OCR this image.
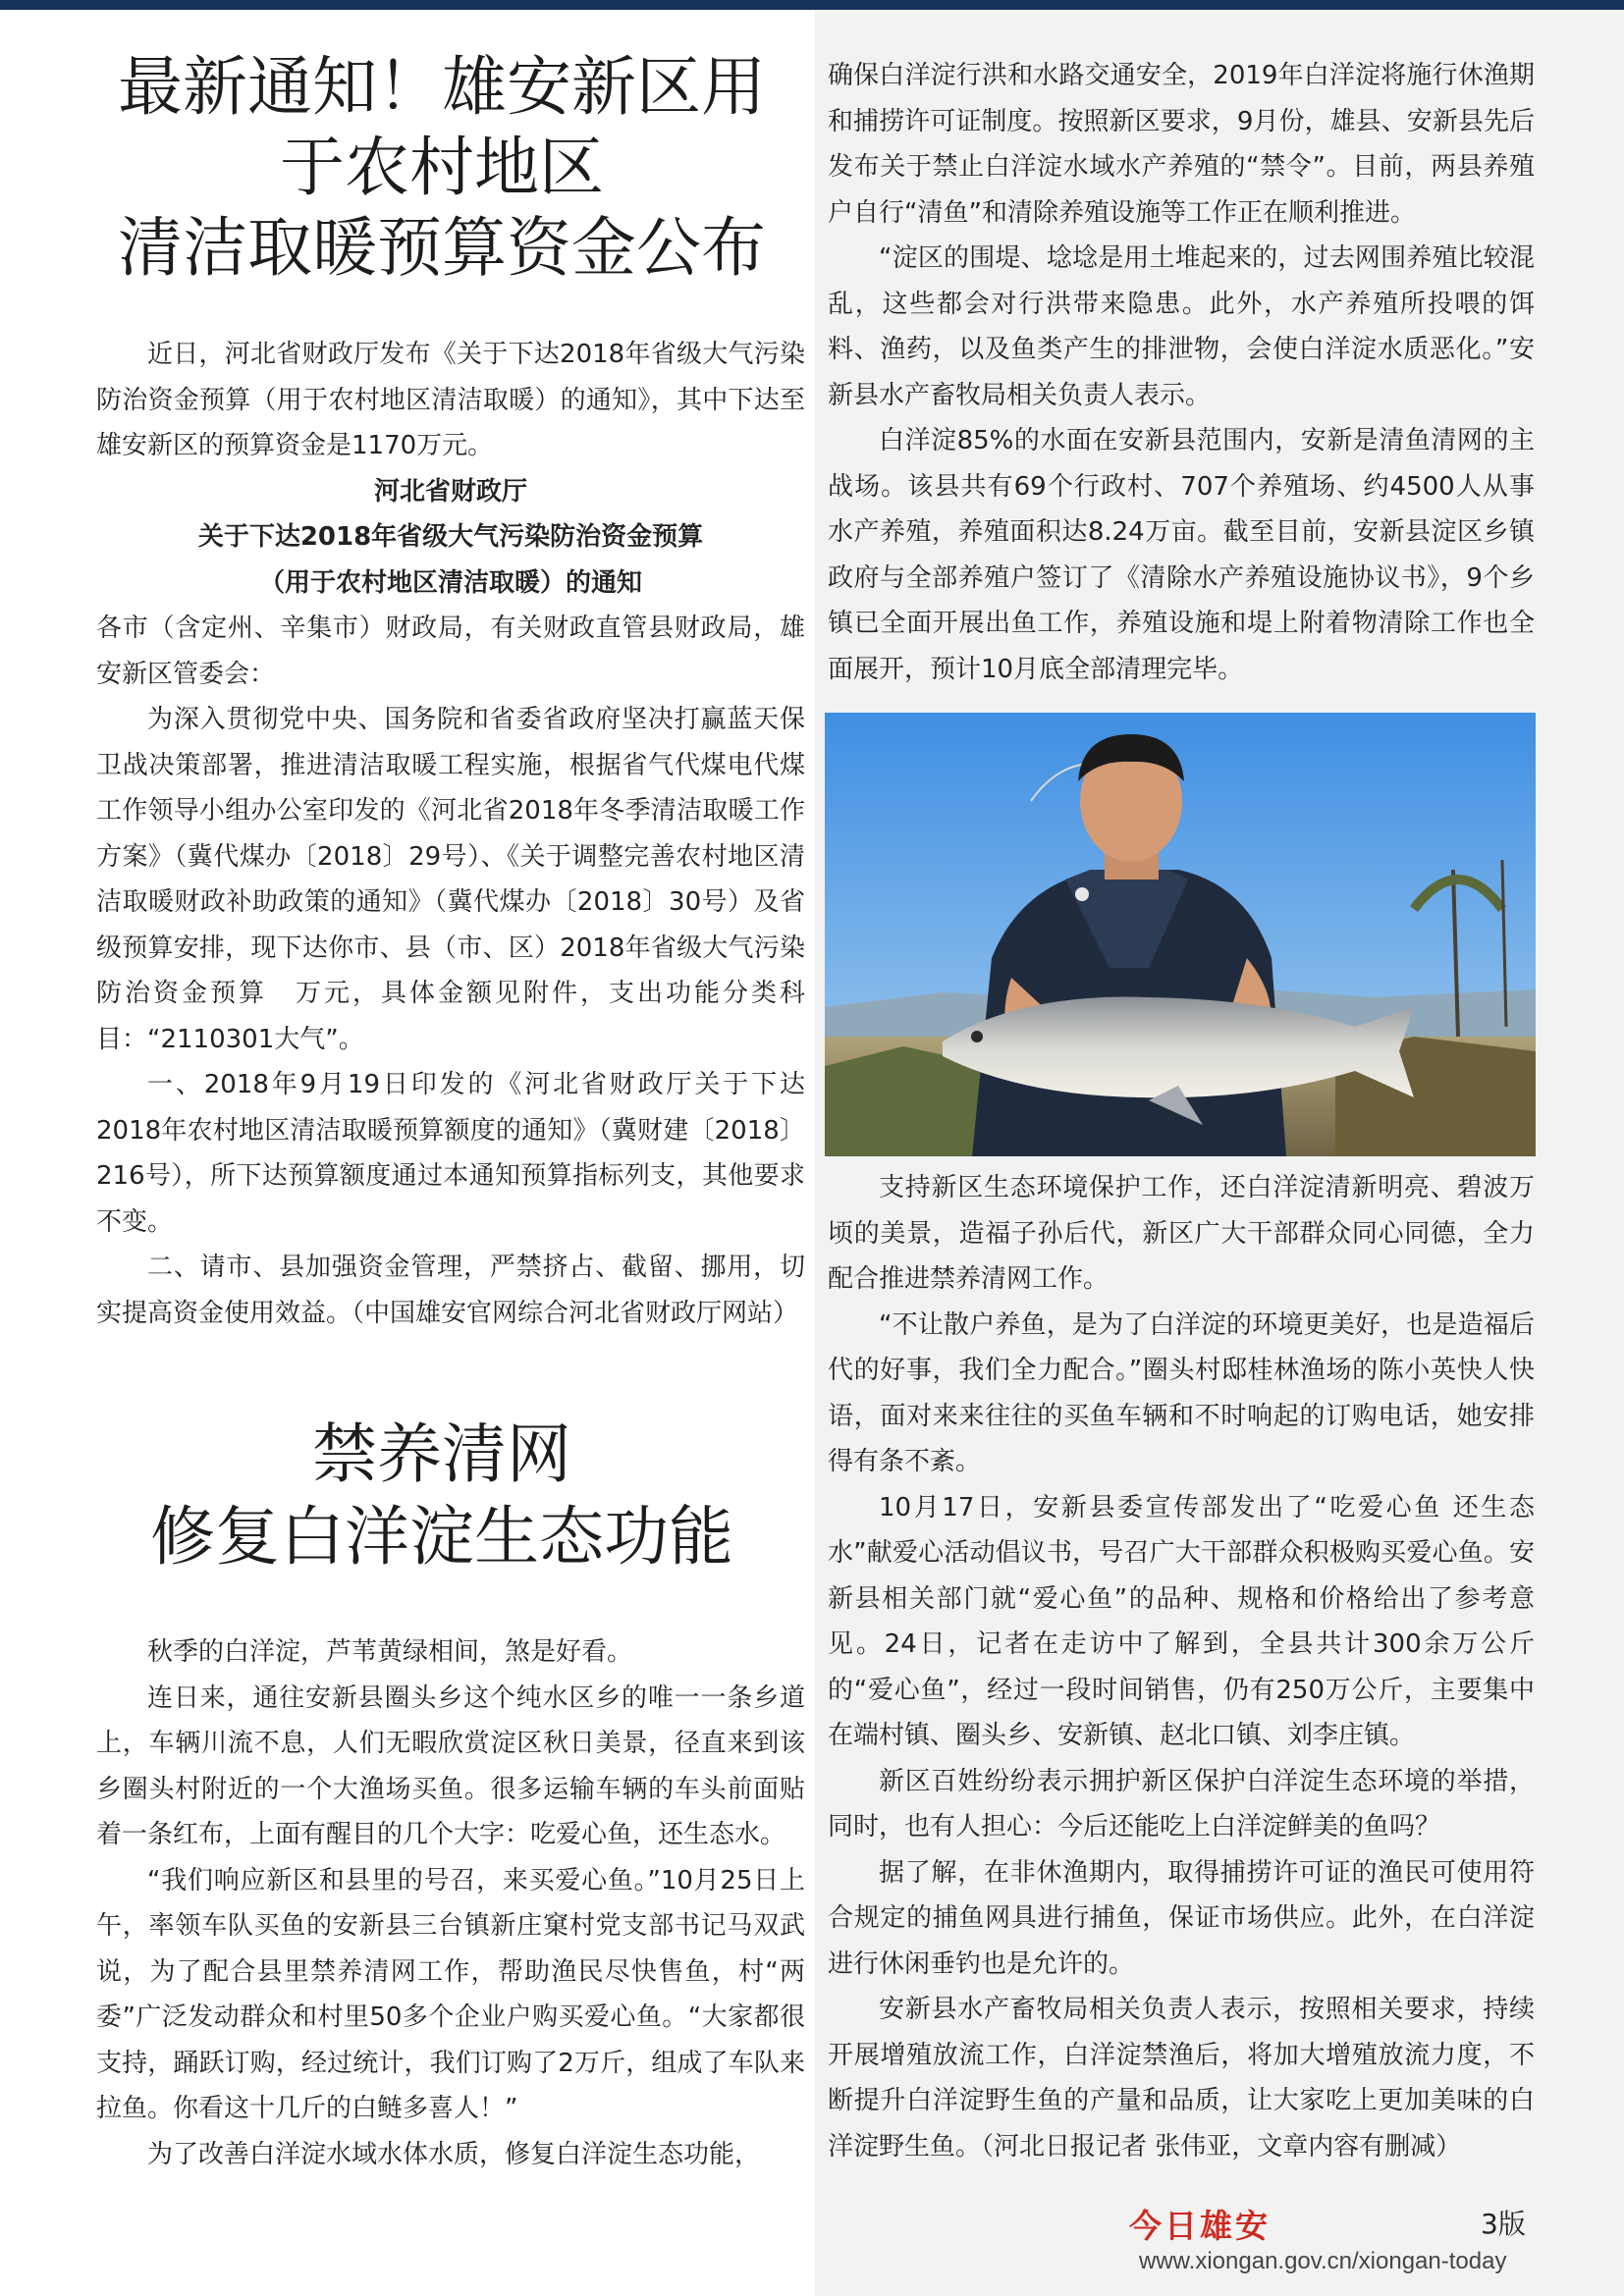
最新通知！雄安新区用
于农村地区
清洁取暖预算资金公布

近日，河北省财政厅发布《关于下达2018年省级大气污染防治资金预算（用于农村地区清洁取暖）的通知》，其中下达至雄安新区的预算资金是1170万元。

河北省财政厅

关于下达2018年省级大气污染防治资金预算

（用于农村地区清洁取暖）的通知

各市（含定州、辛集市）财政局，有关财政直管县财政局，雄安新区管委会：

为深入贯彻党中央、国务院和省委省政府坚决打赢蓝天保卫战决策部署，推进清洁取暖工程实施，根据省气代煤电代煤工作领导小组办公室印发的《河北省2018年冬季清洁取暖工作方案》（冀代煤办〔2018〕29号）、《关于调整完善农村地区清洁取暖财政补助政策的通知》（冀代煤办〔2018〕30号）及省级预算安排，现下达你市、县（市、区）2018年省级大气污染防治资金预算　万元，具体金额见附件，支出功能分类科目：“2110301大气”。

一、2018年9月19日印发的《河北省财政厅关于下达2018年农村地区清洁取暖预算额度的通知》（冀财建〔2018〕216号），所下达预算额度通过本通知预算指标列支，其他要求不变。

二、请市、县加强资金管理，严禁挤占、截留、挪用，切实提高资金使用效益。（中国雄安官网综合河北省财政厅网站）

禁养清网
修复白洋淀生态功能

秋季的白洋淀，芦苇黄绿相间，煞是好看。

连日来，通往安新县圈头乡这个纯水区乡的唯一一条乡道上，车辆川流不息，人们无暇欣赏淀区秋日美景，径直来到该乡圈头村附近的一个大渔场买鱼。很多运输车辆的车头前面贴着一条红布，上面有醒目的几个大字：吃爱心鱼，还生态水。

“我们响应新区和县里的号召，来买爱心鱼。”10月25日上午，率领车队买鱼的安新县三台镇新庄窠村党支部书记马双武说，为了配合县里禁养清网工作，帮助渔民尽快售鱼，村“两委”广泛发动群众和村里50多个企业户购买爱心鱼。“大家都很支持，踊跃订购，经过统计，我们订购了2万斤，组成了车队来拉鱼。你看这十几斤的白鲢多喜人！”

为了改善白洋淀水域水体水质，修复白洋淀生态功能，

确保白洋淀行洪和水路交通安全，2019年白洋淀将施行休渔期和捕捞许可证制度。按照新区要求，9月份，雄县、安新县先后发布关于禁止白洋淀水域水产养殖的“禁令”。目前，两县养殖户自行“清鱼”和清除养殖设施等工作正在顺利推进。

“淀区的围堤、埝埝是用土堆起来的，过去网围养殖比较混乱，这些都会对行洪带来隐患。此外，水产养殖所投喂的饵料、渔药，以及鱼类产生的排泄物，会使白洋淀水质恶化。”安新县水产畜牧局相关负责人表示。

白洋淀85%的水面在安新县范围内，安新是清鱼清网的主战场。该县共有69个行政村、707个养殖场、约4500人从事水产养殖，养殖面积达8.24万亩。截至目前，安新县淀区乡镇政府与全部养殖户签订了《清除水产养殖设施协议书》，9个乡镇已全面开展出鱼工作，养殖设施和堤上附着物清除工作也全面展开，预计10月底全部清理完毕。

支持新区生态环境保护工作，还白洋淀清新明亮、碧波万顷的美景，造福子孙后代，新区广大干部群众同心同德，全力配合推进禁养清网工作。

“不让散户养鱼，是为了白洋淀的环境更美好，也是造福后代的好事，我们全力配合。”圈头村邸桂林渔场的陈小英快人快语，面对来来往往的买鱼车辆和不时响起的订购电话，她安排得有条不紊。

10月17日，安新县委宣传部发出了“吃爱心鱼 还生态水”献爱心活动倡议书，号召广大干部群众积极购买爱心鱼。安新县相关部门就“爱心鱼”的品种、规格和价格给出了参考意见。24日，记者在走访中了解到，全县共计300余万公斤的“爱心鱼”，经过一段时间销售，仍有250万公斤，主要集中在端村镇、圈头乡、安新镇、赵北口镇、刘李庄镇。

新区百姓纷纷表示拥护新区保护白洋淀生态环境的举措，同时，也有人担心：今后还能吃上白洋淀鲜美的鱼吗？

据了解，在非休渔期内，取得捕捞许可证的渔民可使用符合规定的捕鱼网具进行捕鱼，保证市场供应。此外，在白洋淀进行休闲垂钓也是允许的。

安新县水产畜牧局相关负责人表示，按照相关要求，持续开展增殖放流工作，白洋淀禁渔后，将加大增殖放流力度，不断提升白洋淀野生鱼的产量和品质，让大家吃上更加美味的白洋淀野生鱼。（河北日报记者 张伟亚，文章内容有删减）

今日雄安	3版
www.xiongan.gov.cn/xiongan-today
